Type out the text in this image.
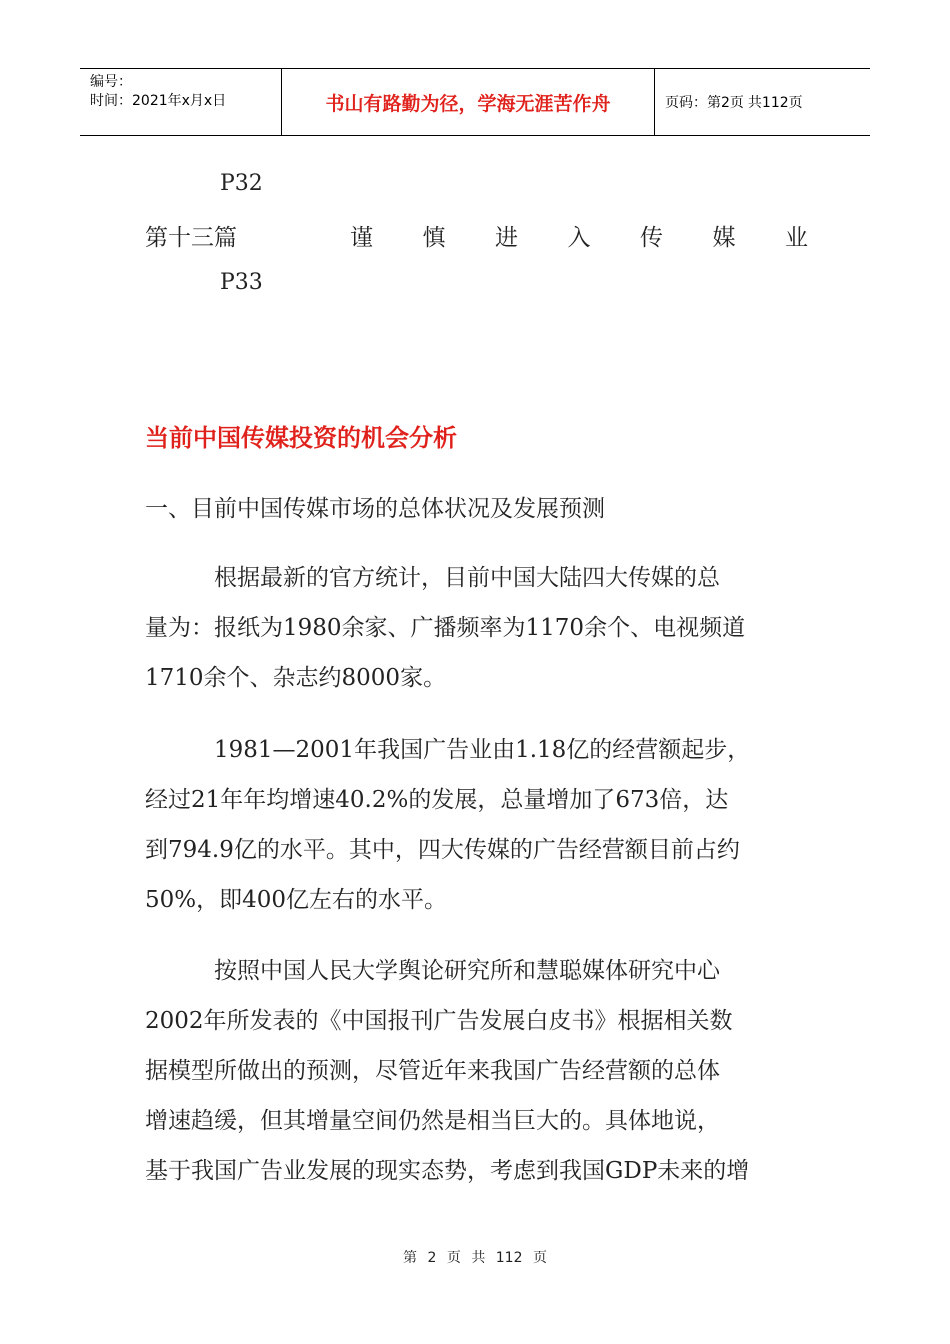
编号：
时间：2021年x月x日	书山有路勤为径，学海无涯苦作舟	页码：第2页 共112页
P32
第十三篇	谨 慎 进 入 传 媒 业
P33
当前中国传媒投资的机会分析
一、目前中国传媒市场的总体状况及发展预测

　　　根据最新的官方统计，目前中国大陆四大传媒的总

量为：报纸为1980余家、广播频率为1170余个、电视频道

1710余个、杂志约8000家。

　　　1981—2001年我国广告业由1.18亿的经营额起步，

经过21年年均增速40.2%的发展，总量增加了673倍，达

到794.9亿的水平。其中，四大传媒的广告经营额目前占约

50%，即400亿左右的水平。

　　　按照中国人民大学舆论研究所和慧聪媒体研究中心

2002年所发表的《中国报刊广告发展白皮书》根据相关数

据模型所做出的预测，尽管近年来我国广告经营额的总体

增速趋缓，但其增量空间仍然是相当巨大的。具体地说，

基于我国广告业发展的现实态势，考虑到我国GDP未来的增

第 2 页 共 112 页
